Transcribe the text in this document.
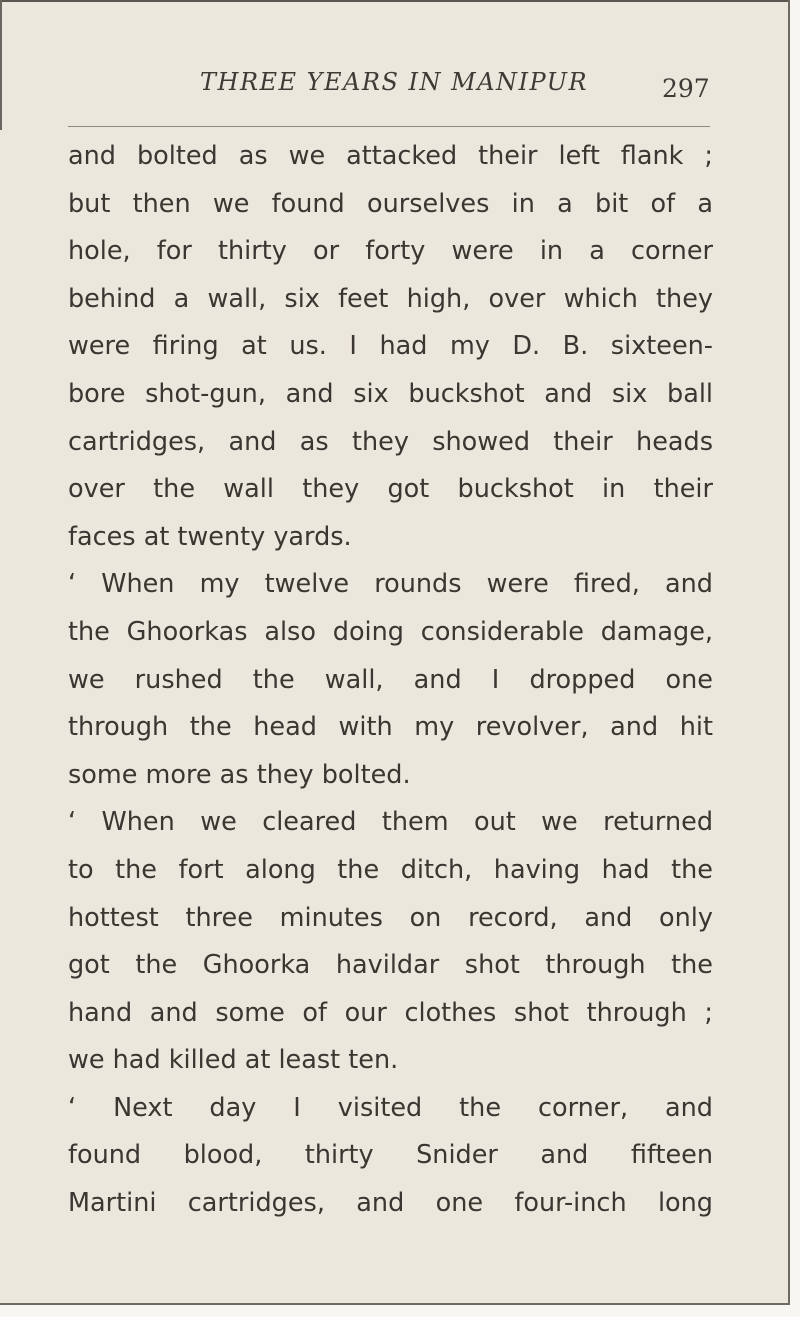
THREE YEARS IN MANIPUR	297
and bolted as we attacked their left flank ;
but then we found ourselves in a bit of a
hole, for thirty or forty were in a corner
behind a wall, six feet high, over which they
were firing at us. I had my D. B. sixteen-
bore shot-gun, and six buckshot and six ball
cartridges, and as they showed their heads
over the wall they got buckshot in their
faces at twenty yards.
‘ When my twelve rounds were fired, and
the Ghoorkas also doing considerable damage,
we rushed the wall, and I dropped one
through the head with my revolver, and hit
some more as they bolted.
‘ When we cleared them out we returned
to the fort along the ditch, having had the
hottest three minutes on record, and only
got the Ghoorka havildar shot through the
hand and some of our clothes shot through ;
we had killed at least ten.
‘ Next day I visited the corner, and
found blood, thirty Snider and fifteen
Martini cartridges, and one four-inch long
